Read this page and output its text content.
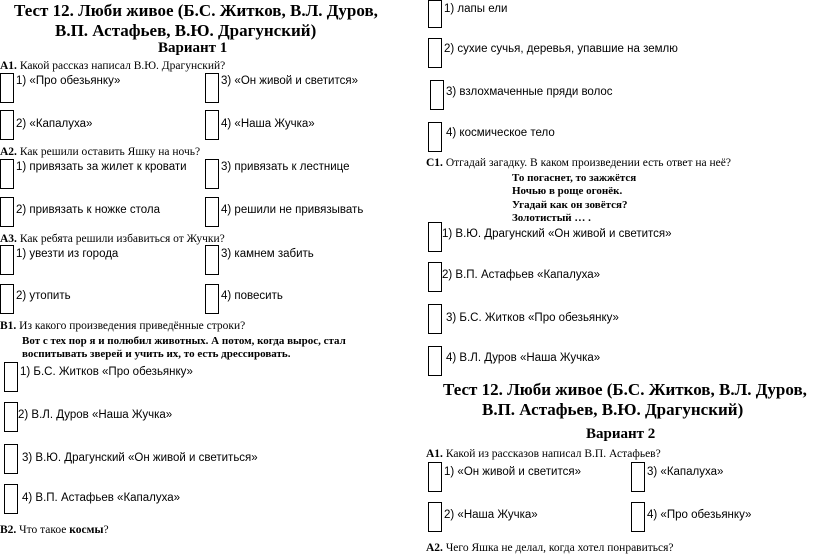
Тест 12. Люби живое (Б.С. Житков, В.Л. Дуров,
В.П. Астафьев, В.Ю. Драгунский)
Вариант 1
А1. Какой рассказ написал В.Ю. Драгунский?
1) «Про обезьянку»	3) «Он живой и светится»
2) «Капалуха»	4) «Наша Жучка»
А2. Как решили оставить Яшку на ночь?
1) привязать за жилет к кровати	3) привязать к лестнице
2) привязать к ножке стола	4) решили не привязывать
А3. Как ребята решили избавиться от Жучки?
1) увезти из города	3) камнем забить
2) утопить	4) повесить
В1. Из какого произведения приведённые строки?
Вот с тех пор я и полюбил животных. А потом, когда вырос, стал
воспитывать зверей и учить их, то есть дрессировать.
1) Б.С. Житков «Про обезьянку»
2) В.Л. Дуров «Наша Жучка»
3) В.Ю. Драгунский «Он живой и светиться»
4) В.П. Астафьев «Капалуха»
В2. Что такое космы?
1) лапы ели
2) сухие сучья, деревья, упавшие на землю
3) взлохмаченные пряди волос
4) космическое тело
С1. Отгадай загадку. В каком произведении есть ответ на неё?
То погаснет, то зажжётся
Ночью в роще огонёк.
Угадай как он зовётся?
Золотистый … .
1) В.Ю. Драгунский «Он живой и светится»
2) В.П. Астафьев «Капалуха»
3) Б.С. Житков «Про обезьянку»
4) В.Л. Дуров «Наша Жучка»
Тест 12. Люби живое (Б.С. Житков, В.Л. Дуров,
В.П. Астафьев, В.Ю. Драгунский)
Вариант 2
А1. Какой из рассказов написал В.П. Астафьев?
1) «Он живой и светится»	3) «Капалуха»
2) «Наша Жучка»	4) «Про обезьянку»
А2. Чего Яшка не делал, когда хотел понравиться?
